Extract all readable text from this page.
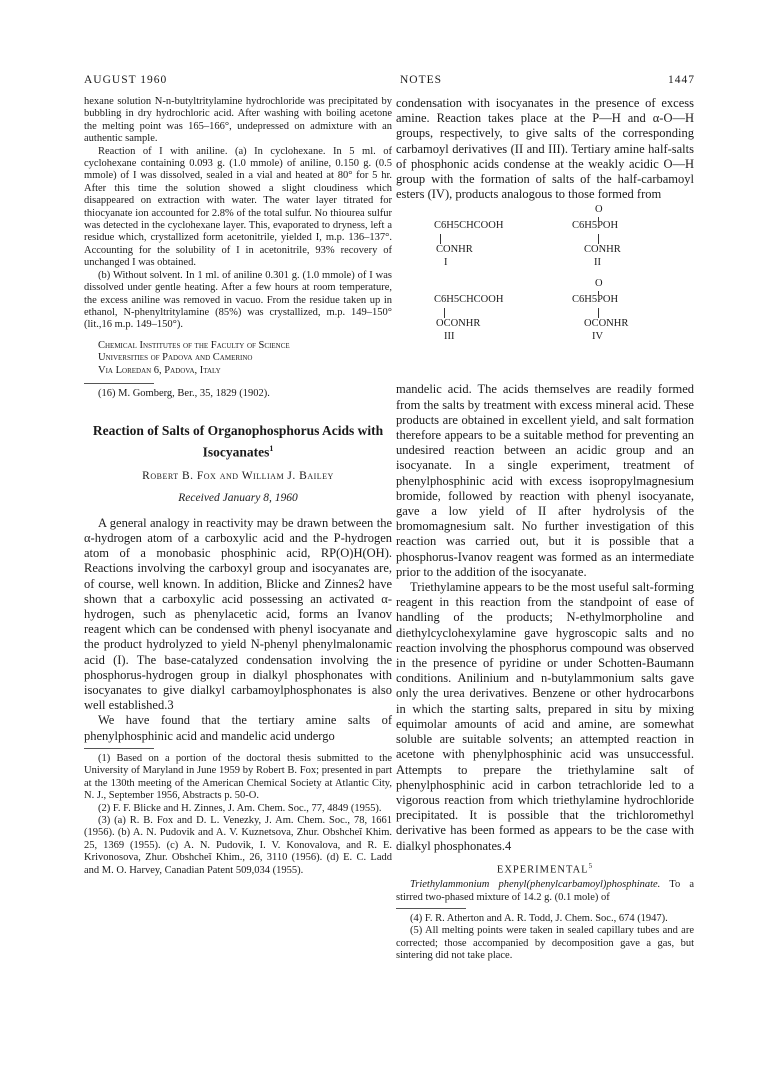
AUGUST 1960	NOTES	1447

hexane solution N-n-butyltritylamine hydrochloride was precipitated by bubbling in dry hydrochloric acid. After washing with boiling acetone the melting point was 165–166°, undepressed on admixture with an authentic sample.

Reaction of I with aniline. (a) In cyclohexane. In 5 ml. of cyclohexane containing 0.093 g. (1.0 mmole) of aniline, 0.150 g. (0.5 mmole) of I was dissolved, sealed in a vial and heated at 80° for 5 hr. After this time the solution showed a slight cloudiness which disappeared on extraction with water. The water layer titrated for thiocyanate ion accounted for 2.8% of the total sulfur. No thiourea sulfur was detected in the cyclohexane layer. This, evaporated to dryness, left a residue which, crystallized form acetonitrile, yielded I, m.p. 136–137°. Accounting for the solubility of I in acetonitrile, 93% recovery of unchanged I was obtained.

(b) Without solvent. In 1 ml. of aniline 0.301 g. (1.0 mmole) of I was dissolved under gentle heating. After a few hours at room temperature, the excess aniline was removed in vacuo. From the residue taken up in ethanol, N-phenyltritylamine (85%) was crystallized, m.p. 149–150° (lit.,16 m.p. 149–150°).

Chemical Institutes of the Faculty of Science
Universities of Padova and Camerino
Via Loredan 6, Padova, Italy

(16) M. Gomberg, Ber., 35, 1829 (1902).

Reaction of Salts of Organophosphorus Acids with Isocyanates$^1$
Robert B. Fox and William J. Bailey
Received January 8, 1960

A general analogy in reactivity may be drawn between the α-hydrogen atom of a carboxylic acid and the P-hydrogen atom of a monobasic phosphinic acid, RP(O)H(OH). Reactions involving the carboxyl group and isocyanates are, of course, well known. In addition, Blicke and Zinnes2 have shown that a carboxylic acid possessing an activated α-hydrogen, such as phenylacetic acid, forms an Ivanov reagent which can be condensed with phenyl isocyanate and the product hydrolyzed to yield N-phenyl phenylmalonamic acid (I). The base-catalyzed condensation involving the phosphorus-hydrogen group in dialkyl phosphonates with isocyanates to give dialkyl carbamoylphosphonates is also well established.3

We have found that the tertiary amine salts of phenylphosphinic acid and mandelic acid undergo

(1) Based on a portion of the doctoral thesis submitted to the University of Maryland in June 1959 by Robert B. Fox; presented in part at the 130th meeting of the American Chemical Society at Atlantic City, N. J., September 1956, Abstracts p. 50-O.

(2) F. F. Blicke and H. Zinnes, J. Am. Chem. Soc., 77, 4849 (1955).

(3) (a) R. B. Fox and D. L. Venezky, J. Am. Chem. Soc., 78, 1661 (1956). (b) A. N. Pudovik and A. V. Kuznetsova, Zhur. Obshcheĭ Khim. 25, 1369 (1955). (c) A. N. Pudovik, I. V. Konovalova, and R. E. Krivonosova, Zhur. Obshcheĭ Khim., 26, 3110 (1956). (d) E. C. Ladd and M. O. Harvey, Canadian Patent 509,034 (1955).

condensation with isocyanates in the presence of excess amine. Reaction takes place at the P—H and α-O—H groups, respectively, to give salts of the corresponding carbamoyl derivatives (II and III). Tertiary amine half-salts of phosphonic acids condense at the weakly acidic O—H group with the formation of salts of the half-carbamoyl esters (IV), products analogous to those formed from

C6H5CHCOOH
CONHR
I
O
C6H5POH
CONHR
II
C6H5CHCOOH
OCONHR
III
O
C6H5POH
OCONHR
IV

mandelic acid. The acids themselves are readily formed from the salts by treatment with excess mineral acid. These products are obtained in excellent yield, and salt formation therefore appears to be a suitable method for preventing an undesired reaction between an acidic group and an isocyanate. In a single experiment, treatment of phenylphosphinic acid with excess isopropylmagnesium bromide, followed by reaction with phenyl isocyanate, gave a low yield of II after hydrolysis of the bromomagnesium salt. No further investigation of this reaction was carried out, but it is possible that a phosphorus-Ivanov reagent was formed as an intermediate prior to the addition of the isocyanate.

Triethylamine appears to be the most useful salt-forming reagent in this reaction from the standpoint of ease of handling of the products; N-ethylmorpholine and diethylcyclohexylamine gave hygroscopic salts and no reaction involving the phosphorus compound was observed in the presence of pyridine or under Schotten-Baumann conditions. Anilinium and n-butylammonium salts gave only the urea derivatives. Benzene or other hydrocarbons in which the starting salts, prepared in situ by mixing equimolar amounts of acid and amine, are somewhat soluble are suitable solvents; an attempted reaction in acetone with phenylphosphinic acid was unsuccessful. Attempts to prepare the triethylamine salt of phenylphosphinic acid in carbon tetrachloride led to a vigorous reaction from which triethylamine hydrochloride precipitated. It is possible that the trichloromethyl derivative has been formed as appears to be the case with dialkyl phosphonates.4

EXPERIMENTAL$^5$

Triethylammonium phenyl(phenylcarbamoyl)phosphinate. To a stirred two-phased mixture of 14.2 g. (0.1 mole) of

(4) F. R. Atherton and A. R. Todd, J. Chem. Soc., 674 (1947).

(5) All melting points were taken in sealed capillary tubes and are corrected; those accompanied by decomposition gave a gas, but sintering did not take place.
